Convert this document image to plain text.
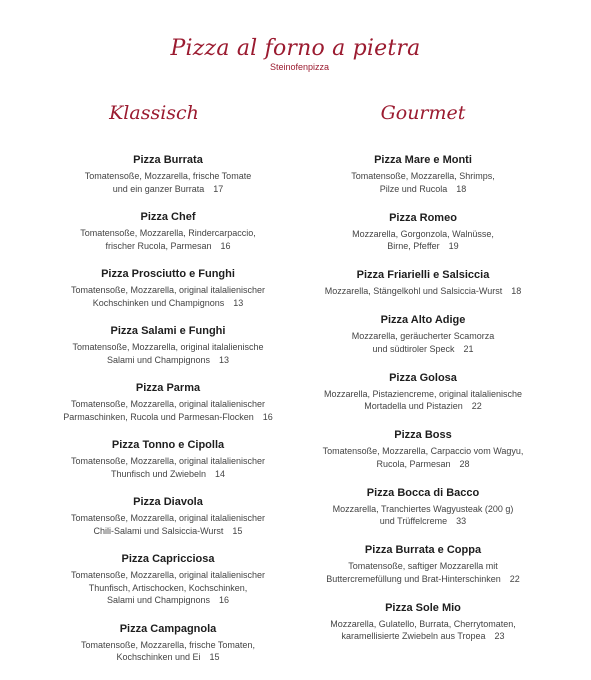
Pizza al forno a pietra
Steinofenpizza
Klassisch
Pizza Burrata
Tomatensoße, Mozzarella, frische Tomate
und ein ganzer Burrata 17
Pizza Chef
Tomatensoße, Mozzarella, Rindercarpaccio,
frischer Rucola, Parmesan 16
Pizza Prosciutto e Funghi
Tomatensoße, Mozzarella, original italalienischer
Kochschinken und Champignons 13
Pizza Salami e Funghi
Tomatensoße, Mozzarella, original italalienische
Salami und Champignons 13
Pizza Parma
Tomatensoße, Mozzarella, original italalienischer
Parmaschinken, Rucola und Parmesan-Flocken 16
Pizza Tonno e Cipolla
Tomatensoße, Mozzarella, original italalienischer
Thunfisch und Zwiebeln 14
Pizza Diavola
Tomatensoße, Mozzarella, original italalienischer
Chili-Salami und Salsiccia-Wurst 15
Pizza Capricciosa
Tomatensoße, Mozzarella, original italalienischer
Thunfisch, Artischocken, Kochschinken,
Salami und Champignons 16
Pizza Campagnola
Tomatensoße, Mozzarella, frische Tomaten,
Kochschinken und Ei 15
Gourmet
Pizza Mare e Monti
Tomatensoße, Mozzarella, Shrimps,
Pilze und Rucola 18
Pizza Romeo
Mozzarella, Gorgonzola, Walnüsse,
Birne, Pfeffer 19
Pizza Friarielli e Salsiccia
Mozzarella, Stängelkohl und Salsiccia-Wurst 18
Pizza Alto Adige
Mozzarella, geräucherter Scamorza
und südtiroler Speck 21
Pizza Golosa
Mozzarella, Pistaziencreme, original italalienische
Mortadella und Pistazien 22
Pizza Boss
Tomatensoße, Mozzarella, Carpaccio vom Wagyu,
Rucola, Parmesan 28
Pizza Bocca di Bacco
Mozzarella, Tranchiertes Wagyusteak (200 g)
und Trüffelcreme 33
Pizza Burrata e Coppa
Tomatensoße, saftiger Mozzarella mit
Buttercremefüllung und Brat-Hinterschinken 22
Pizza Sole Mio
Mozzarella, Gulatello, Burrata, Cherrytomaten,
karamellisierte Zwiebeln aus Tropea 23
